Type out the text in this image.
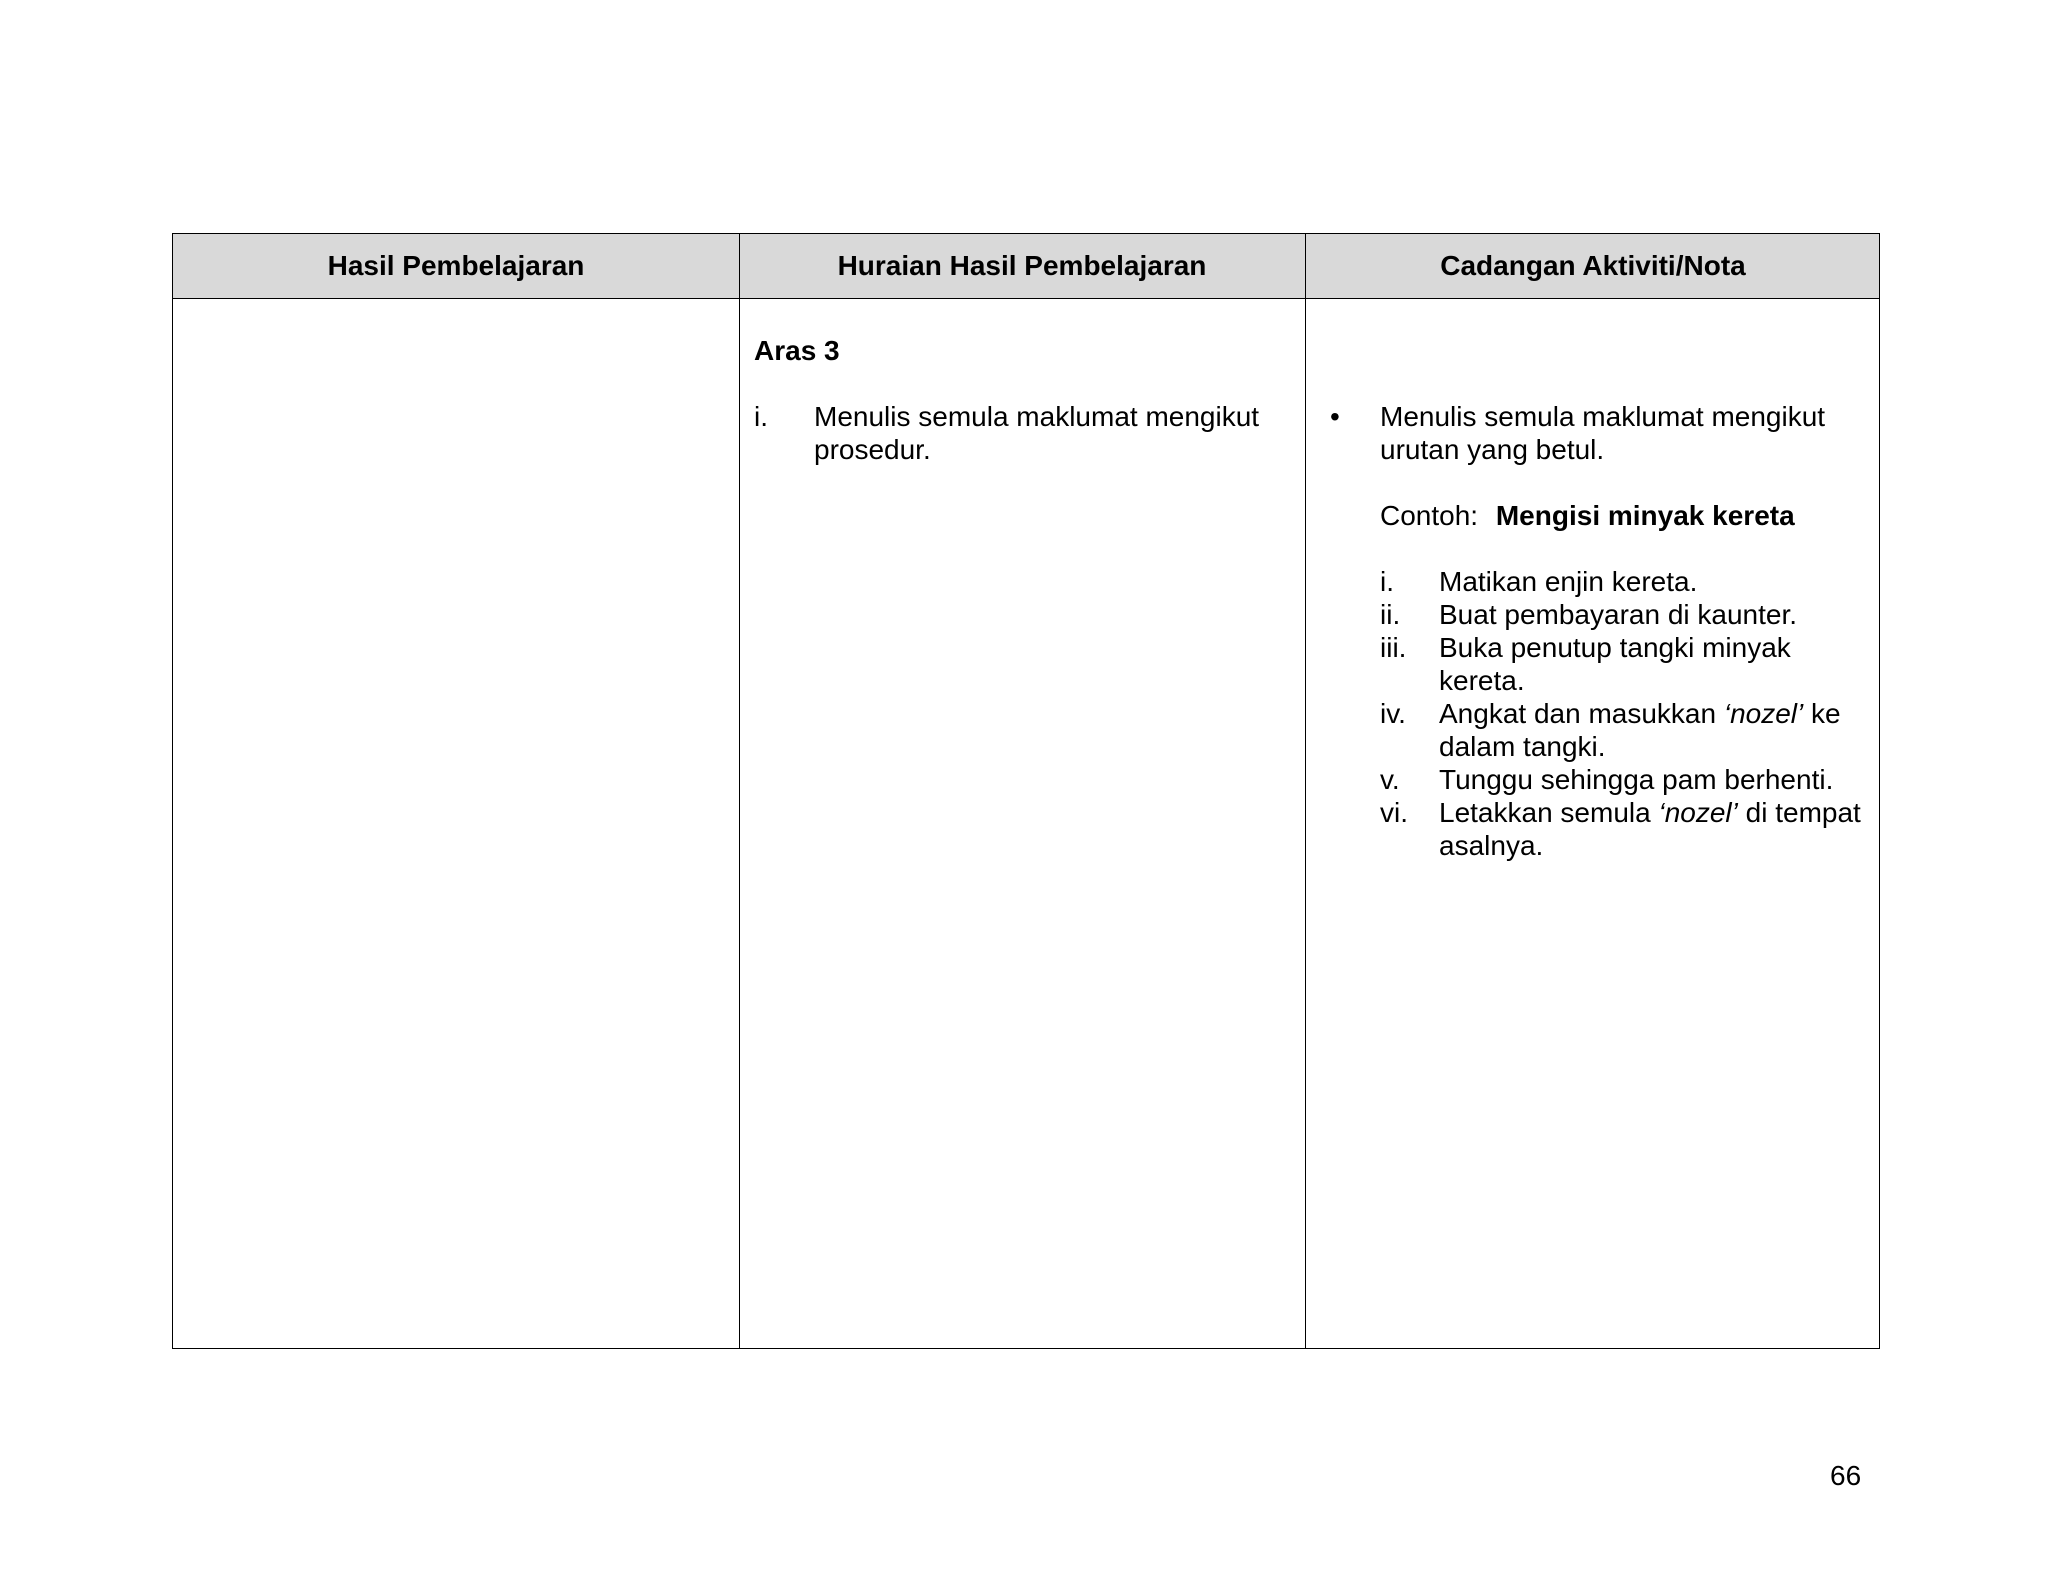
Hasil Pembelajaran	Huraian Hasil Pembelajaran	Cadangan Aktiviti/Nota
Aras 3
i. Menulis semula maklumat mengikut
prosedur.
• Menulis semula maklumat mengikut
urutan yang betul.
Contoh: Mengisi minyak kereta
i. Matikan enjin kereta.
ii. Buat pembayaran di kaunter.
iii. Buka penutup tangki minyak
kereta.
iv. Angkat dan masukkan ‘nozel’ ke
dalam tangki.
v. Tunggu sehingga pam berhenti.
vi. Letakkan semula ‘nozel’ di tempat
asalnya.
66
